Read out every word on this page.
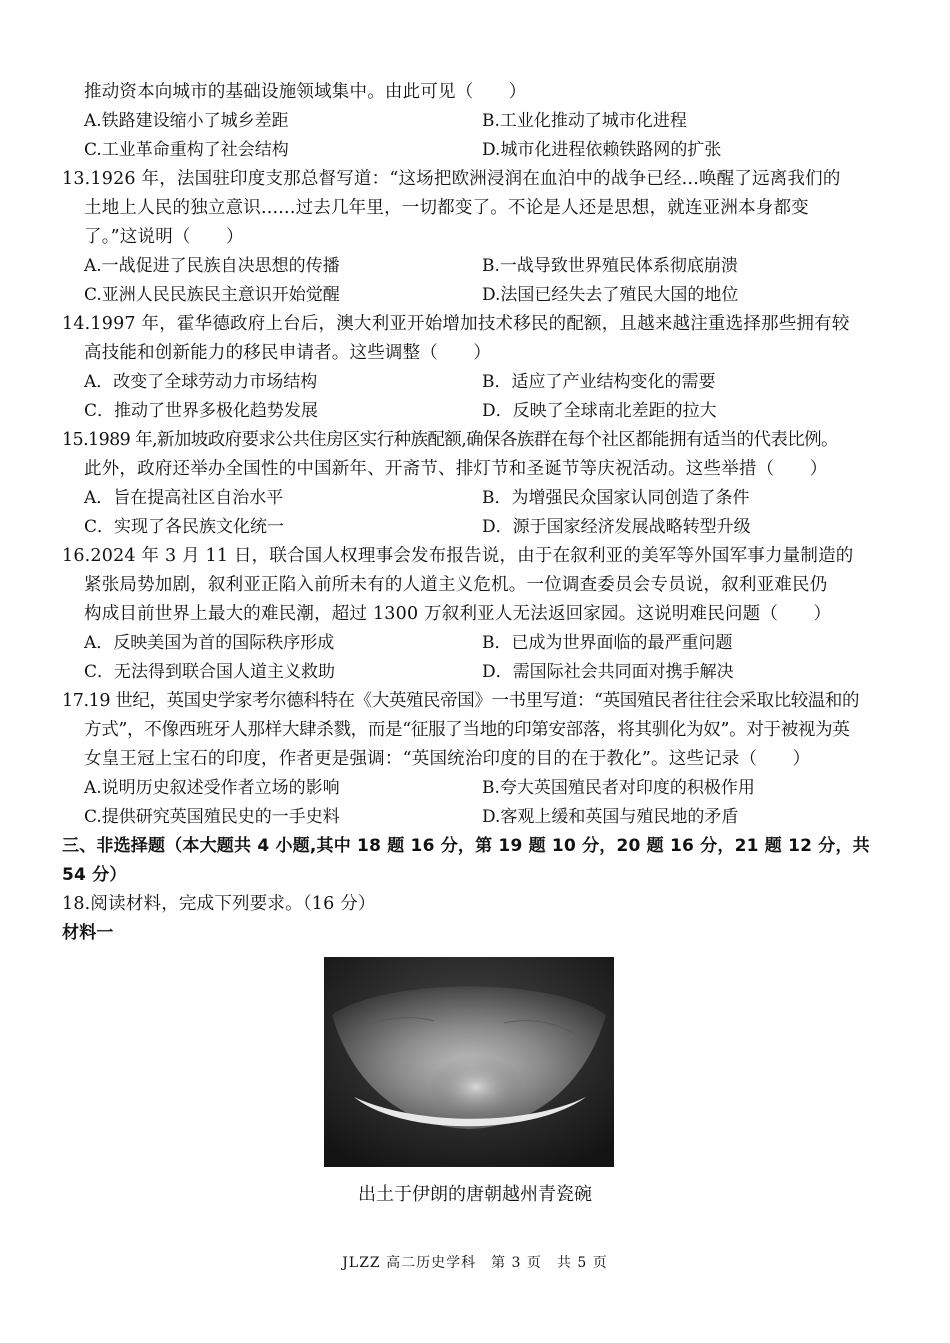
推动资本向城市的基础设施领域集中。由此可见（　　）
A.铁路建设缩小了城乡差距	B.工业化推动了城市化进程
C.工业革命重构了社会结构	D.城市化进程依赖铁路网的扩张
13.1926 年，法国驻印度支那总督写道：“这场把欧洲浸润在血泊中的战争已经...唤醒了远离我们的
土地上人民的独立意识......过去几年里，一切都变了。不论是人还是思想，就连亚洲本身都变
了。”这说明（　　）
A.一战促进了民族自决思想的传播	B.一战导致世界殖民体系彻底崩溃
C.亚洲人民民族民主意识开始觉醒	D.法国已经失去了殖民大国的地位
14.1997 年，霍华德政府上台后，澳大利亚开始增加技术移民的配额，且越来越注重选择那些拥有较
高技能和创新能力的移民申请者。这些调整（　　）
A．改变了全球劳动力市场结构	B．适应了产业结构变化的需要
C．推动了世界多极化趋势发展	D．反映了全球南北差距的拉大
15.1989 年,新加坡政府要求公共住房区实行种族配额,确保各族群在每个社区都能拥有适当的代表比例。
此外，政府还举办全国性的中国新年、开斋节、排灯节和圣诞节等庆祝活动。这些举措（　　）
A．旨在提高社区自治水平	B．为增强民众国家认同创造了条件
C．实现了各民族文化统一	D．源于国家经济发展战略转型升级
16.2024 年 3 月 11 日，联合国人权理事会发布报告说，由于在叙利亚的美军等外国军事力量制造的
紧张局势加剧，叙利亚正陷入前所未有的人道主义危机。一位调查委员会专员说，叙利亚难民仍
构成目前世界上最大的难民潮，超过 1300 万叙利亚人无法返回家园。这说明难民问题（　　）
A．反映美国为首的国际秩序形成	B．已成为世界面临的最严重问题
C．无法得到联合国人道主义救助	D．需国际社会共同面对携手解决
17.19 世纪，英国史学家考尔德科特在《大英殖民帝国》一书里写道：“英国殖民者往往会采取比较温和的
方式”，不像西班牙人那样大肆杀戮，而是“征服了当地的印第安部落，将其驯化为奴”。对于被视为英
女皇王冠上宝石的印度，作者更是强调：“英国统治印度的目的在于教化”。这些记录（　　）
A.说明历史叙述受作者立场的影响	B.夸大英国殖民者对印度的积极作用
C.提供研究英国殖民史的一手史料	D.客观上缓和英国与殖民地的矛盾
三、非选择题（本大题共 4 小题,其中 18 题 16 分，第 19 题 10 分，20 题 16 分，21 题 12 分，共
54 分）
18.阅读材料，完成下列要求。（16 分）
材料一
出土于伊朗的唐朝越州青瓷碗
JLZZ 高二历史学科　第 3 页　共 5 页
